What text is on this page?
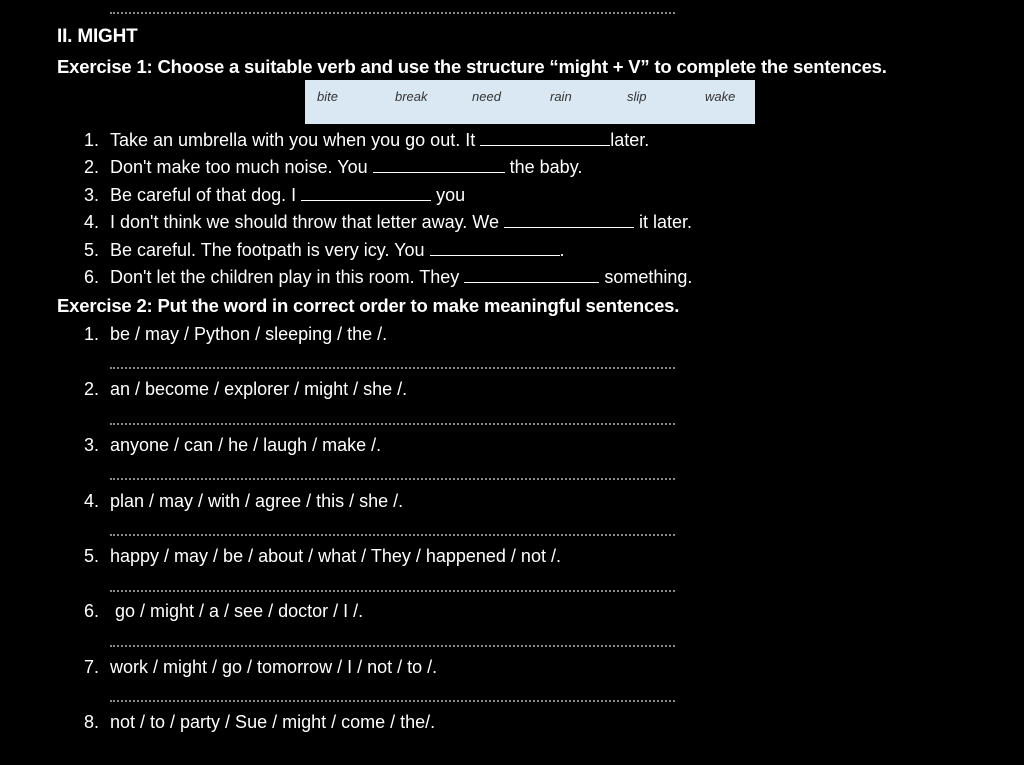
II. MIGHT
Exercise 1: Choose a suitable verb and use the structure “might + V” to complete the sentences.
bite	break	need	rain	slip	wake
1. Take an umbrella with you when you go out. It	later.
2. Don't make too much noise. You	the baby.
3. Be careful of that dog. I	you
4. I don't think we should throw that letter away. We	it later.
5. Be careful. The footpath is very icy. You	.
6. Don't let the children play in this room. They	something.
Exercise 2: Put the word in correct order to make meaningful sentences.
1. be / may / Python / sleeping / the /.
2. an / become / explorer / might / she /.
3. anyone / can / he / laugh / make /.
4. plan / may / with / agree / this / she /.
5. happy / may / be / about / what / They / happened / not /.
6. go / might / a / see / doctor / I /.
7. work / might / go / tomorrow / I / not / to /.
8. not / to / party / Sue / might / come / the/.
